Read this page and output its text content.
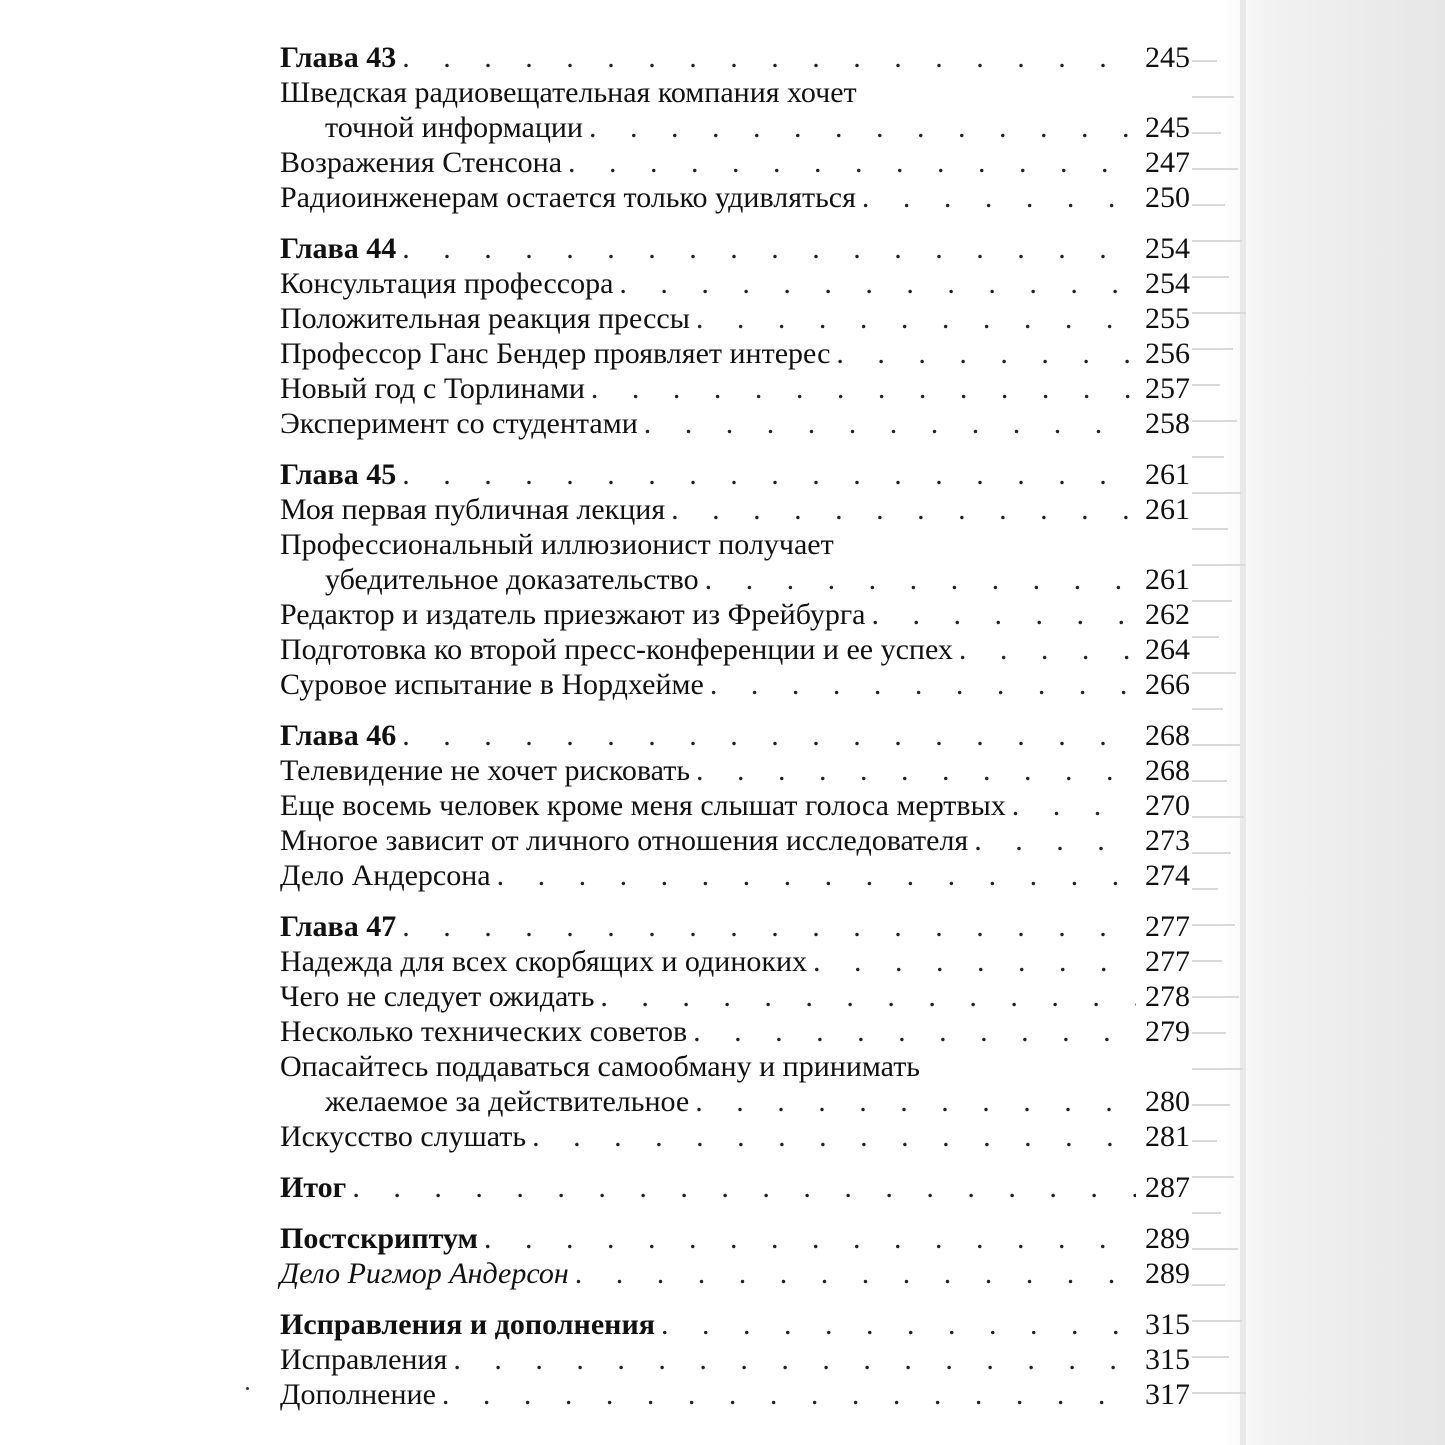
Глава 43 . . .	245
Шведская радиовещательная компания хочет
точной информации . . .	245
Возражения Стенсона . . .	247
Радиоинженерам остается только удивляться . . .	250
Глава 44 . . .	254
Консультация профессора . . .	254
Положительная реакция прессы . . .	255
Профессор Ганс Бендер проявляет интерес . . .	256
Новый год с Торлинами . . .	257
Эксперимент со студентами . . .	258
Глава 45 . . .	261
Моя первая публичная лекция . . .	261
Профессиональный иллюзионист получает
убедительное доказательство . . .	261
Редактор и издатель приезжают из Фрейбурга . . .	262
Подготовка ко второй пресс-конференции и ее успех . . .	264
Суровое испытание в Нордхейме . . .	266
Глава 46 . . .	268
Телевидение не хочет рисковать . . .	268
Еще восемь человек кроме меня слышат голоса мертвых . . .	270
Многое зависит от личного отношения исследователя . . .	273
Дело Андерсона . . .	274
Глава 47 . . .	277
Надежда для всех скорбящих и одиноких . . .	277
Чего не следует ожидать . . .	278
Несколько технических советов . . .	279
Опасайтесь поддаваться самообману и принимать
желаемое за действительное . . .	280
Искусство слушать . . .	281
Итог . . .	287
Постскриптум . . .	289
Дело Ригмор Андерсон . . .	289
Исправления и дополнения . . .	315
Исправления . . .	315
Дополнение . . .	317
